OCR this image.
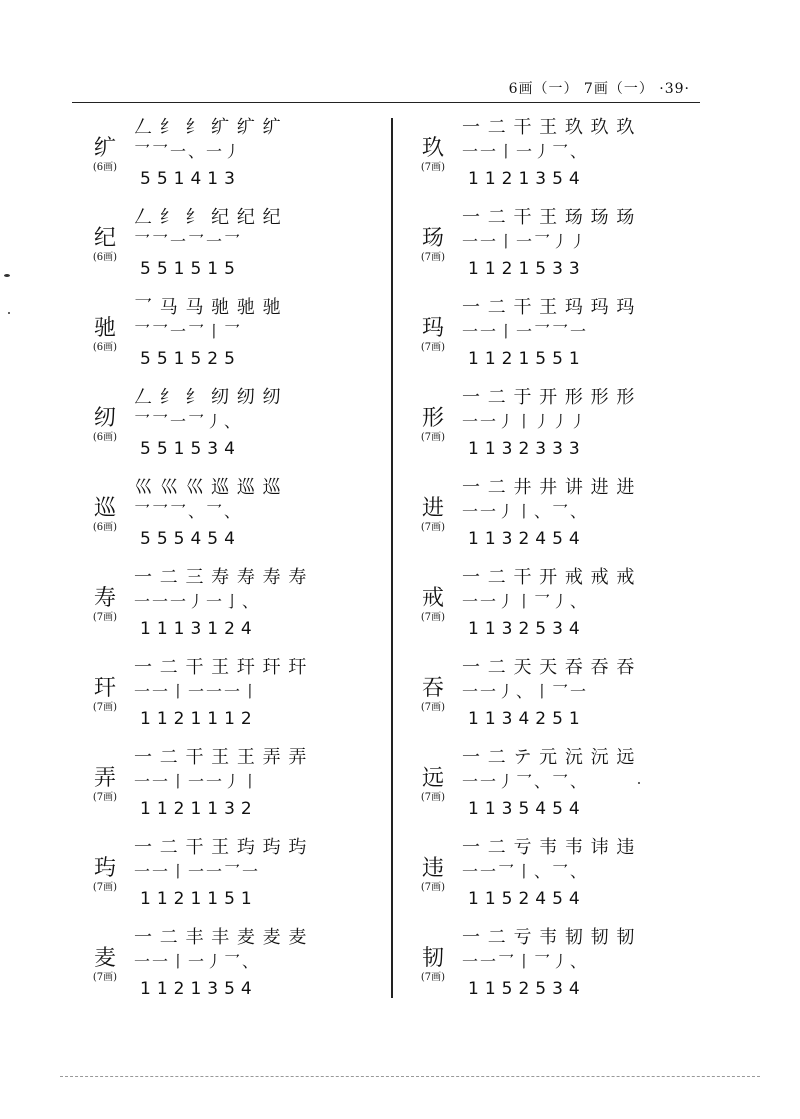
6画（一） 7画（一） ·39·
纩
(6画)
𠃋 纟 纟 纩 纩 纩
乛乛一、一丿
551413
纪
(6画)
𠃋 纟 纟 纪 纪 纪
乛乛一乛一乛
551515
驰
(6画)
乛 马 马 驰 驰 驰
乛乛一乛丨乛
551525
纫
(6画)
𠃋 纟 纟 纫 纫 纫
乛乛一乛丿、
551534
巡
(6画)
巛 巛 巛 巡 巡 巡
乛乛乛、乛、
555454
寿
(7画)
一 二 三 寿 寿 寿 寿
一一一丿一亅、
1113124
玕
(7画)
一 二 干 王 玕 玕 玕
一一丨一一一丨
1121112
弄
(7画)
一 二 干 王 王 弄 弄
一一丨一一丿丨
1121132
玙
(7画)
一 二 干 王 玙 玙 玙
一一丨一一乛一
1121151
麦
(7画)
一 二 丰 丰 麦 麦 麦
一一丨一丿乛、
1121354
玖
(7画)
一 二 干 王 玖 玖 玖
一一丨一丿乛、
1121354
玚
(7画)
一 二 干 王 玚 玚 玚
一一丨一乛丿丿
1121533
玛
(7画)
一 二 干 王 玛 玛 玛
一一丨一乛乛一
1121551
形
(7画)
一 二 于 开 形 形 形
一一丿丨丿丿丿
1132333
进
(7画)
一 二 井 井 讲 进 进
一一丿丨、乛、
1132454
戒
(7画)
一 二 干 开 戒 戒 戒
一一丿丨乛丿、
1132534
吞
(7画)
一 二 天 天 吞 吞 吞
一一丿、丨乛一
1134251
远
(7画)
一 二 テ 元 沅 沅 远
一一丿乛、乛、
1135454
违
(7画)
一 二 亏 韦 韦 讳 违
一一乛丨、乛、
1152454
韧
(7画)
一 二 亏 韦 韧 韧 韧
一一乛丨乛丿、
1152534
